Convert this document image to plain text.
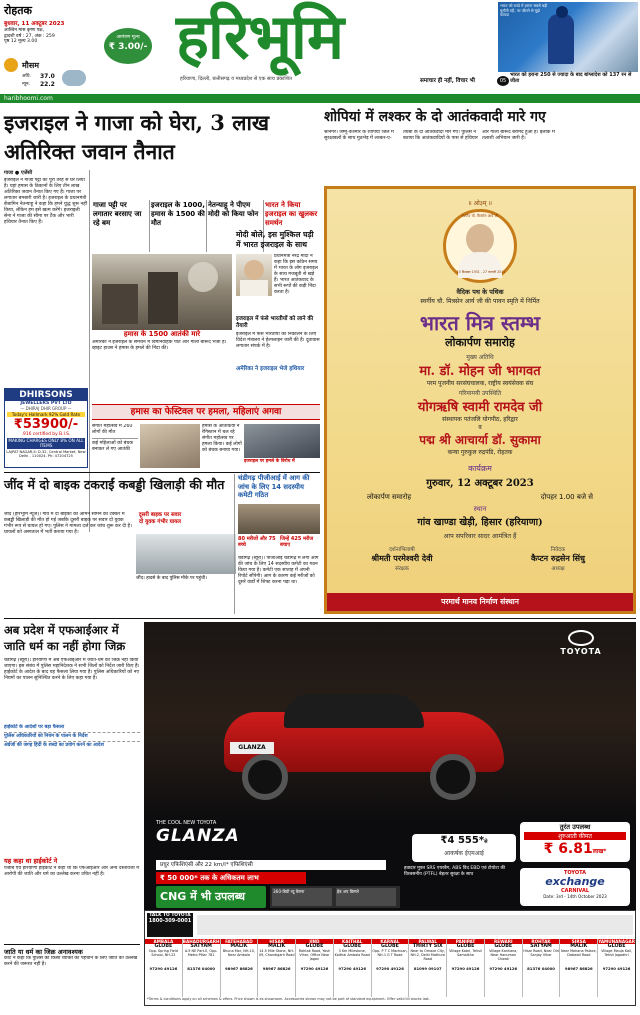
रोहतक
बुधवार, 11 अक्टूबर 2023
आश्विन मास कृष्ण पक्ष,
द्वादशी वर्ष : 27, अंक : 259
पृष्ठ 12 मूल्य 3.00
आमंत्रण मूल्य
₹ 3.00/-
मौसम
अधि. 37.0
न्यून. 22.2
हरिभूमि
हरियाणा, दिल्ली, छत्तीसगढ़ व मध्यप्रदेश से एक साथ प्रकाशित	समाचार ही नहीं, विचार भी
भारत को वनडे में हराना सबसे बड़ी चुनौती रही, पर जीतने से मुझे फायदा
भारत को हराना 250 से ज्यादा के बाद बांग्लादेश को 137 रन से जीता
05
haribhoomi.com
इजराइल ने गाजा को घेरा, 3 लाख अतिरिक्त जवान तैनात
गाजा ● एजेंसी
इजराइल ने गाजा पट्टी को पूरी तरह से घेर लिया है। यहां हमास के ठिकानों के लिए तीन लाख अतिरिक्त जवान तैनात किए गए हैं। गाजा पर लगातार बमबारी जारी है। इजराइल के प्रधानमंत्री बेंजामिन नेतन्याहू ने कहा कि हमने युद्ध शुरू नहीं किया, लेकिन हम इसे खत्म करेंगे। इजराइली सेना ने गाजा की सीमा पर टैंक और भारी हथियार तैनात किए हैं।
गाजा पट्टी पर लगातार बरसाए जा रहे बम
इजराइल के 1000, हमास के 1500 की मौत
नेतन्याहू ने पीएम मोदी को किया फोन
भारत ने किया इजराइल का खुलकर समर्थन
हमास के 1500 आतंकी मारे
अमेरिका ने इजराइल के समर्थन में विमानवाहक पोत और गोला बारूद भेजा है। व्हाइट हाउस ने हमास के हमले की निंदा की।
मोदी बोले, इस मुश्किल घड़ी में भारत इजराइल के साथ
प्रधानमंत्री नरेंद्र मोदी ने कहा कि इस कठिन समय में भारत के लोग इजराइल के साथ मजबूती से खड़े हैं। भारत आतंकवाद के सभी रूपों की कड़ी निंदा करता है।
इजराइल में फंसे भारतीयों को लाने की तैयारी
इजराइल में फंसे भारतीयों को निकालने के लिए विदेश मंत्रालय ने हेल्पलाइन जारी की है। दूतावास लगातार संपर्क में है।
अमेरिका ने इजराइल भेजे हथियार
DHIRSONS
JEWELLERS PVT LTD
— DHIRAJ DHIR GROUP —
Today's Hallmark 92% Gold Rate
₹53900/-
.916 certified by B.I.S.
MAKING CHARGES ONLY 8% ON ALL ITEMS
LAJPAT NAGAR-II: D-32, Central Market, New Delhi - 110024. Ph: 47204725
हमास का फेस्टिवल पर हमला, महिलाएं अगवा
संगीत महोत्सव में 260 लोगों की मौत
कई महिलाओं को बंधक बनाकर ले गए आतंकी
हमास के आतंकियों ने रेगिस्तान में चल रहे संगीत महोत्सव पर हमला किया। कई लोगों को बंधक बनाया गया।
इजराइल पर हमले के विरोध में
जींद में दो बाइक टकराईं कबड्डी खिलाड़ी की मौत
दूसरी बाइक पर सवार दो युवक गंभीर घायल
जींद (हरिभूमि न्यूज)। गांव में दो बाइकों की आमने सामने की टक्कर में कबड्डी खिलाड़ी की मौत हो गई जबकि दूसरी बाइक पर सवार दो युवक गंभीर रूप से घायल हो गए। पुलिस ने मामला दर्ज कर जांच शुरू कर दी है। घायलों को अस्पताल में भर्ती कराया गया है।
जींद। हादसे के बाद पुलिस मौके पर पहुंची।
चंडीगढ़ पीजीआई में आग की जांच के लिए 14 सदस्यीय कमेटी गठित
80 मरीजों और 75 बच्चे
जिन्हें 425 मरीज बचाए
चंडीगढ़ (ब्यूरो)। पीजीआई चंडीगढ़ में लगी आग की जांच के लिए 14 सदस्यीय कमेटी का गठन किया गया है। कमेटी एक सप्ताह में अपनी रिपोर्ट सौंपेगी। आग के कारण कई मरीजों को दूसरे वार्डों में शिफ्ट करना पड़ा था।
शोपियां में लश्कर के दो आतंकवादी मारे गए
श्रीनगर। जम्मू-कश्मीर के शोपियां जिले में सुरक्षाबलों के साथ मुठभेड़ में लश्कर-ए-तैयबा के दो आतंकवादी मारे गए। पुलिस ने बताया कि आतंकवादियों के पास से हथियार और गोला बारूद बरामद हुआ है। इलाके में तलाशी अभियान जारी है।
॥ ओ३म् ॥
स्वर्गीय चौ. मित्रसेन आर्य जी
15 दिसम्बर 1931 - 27 जनवरी 2011
वैदिक पथ के पथिक
स्वर्गीय चौ. मित्रसेन आर्य जी की पावन स्मृति में निर्मित
भारत मित्र स्तम्भ
लोकार्पण समारोह
मुख्य अतिथि
मा. डॉ. मोहन जी भागवत
परम पूजनीय सरसंघचालक, राष्ट्रीय स्वयंसेवक संघ
गरिमामयी उपस्थिति
योगऋषि स्वामी रामदेव जी
संस्थापक पतंजलि योगपीठ, हरिद्वार
व
पद्म श्री आचार्या डॉ. सुकामा
कन्या गुरुकुल रुद्रपंडि, रोहतक
कार्यक्रम
गुरुवार, 12 अक्टूबर 2023
लोकार्पण समारोह	दोपहर 1.00 बजे से
स्थान
गांव खाण्डा खेड़ी, हिसार (हरियाणा)
आप सपरिवार सादर आमंत्रित हैं
दर्शनाभिलाषी
श्रीमती परमेश्वरी देवी
संरक्षक
निवेदक
कैप्टन रुद्रसेन सिंधु
अध्यक्ष
परमार्थ मानव निर्माण संस्थान
अब प्रदेश में एफआईआर में जाति धर्म का नहीं होगा जिक्र
चंडीगढ़ (ब्यूरो)। हरियाणा में अब एफआईआर में जाति-धर्म का जिक्र नहीं किया जाएगा। इस संबंध में पुलिस महानिदेशक ने सभी जिलों को निर्देश जारी किए हैं। हाईकोर्ट के आदेश के बाद यह फैसला लिया गया है। पुलिस अधिकारियों को नए नियमों का पालन सुनिश्चित करने के लिए कहा गया है।
हाईकोर्ट के आदेशों पर बड़ा फैसला
पुलिस अधिकारियों को नियम के पालन के निर्देश
अंग्रेजी की जगह हिंदी के शब्दों का प्रयोग करने का आदेश
यह कहा था हाईकोर्ट ने
पंजाब एवं हरियाणा हाईकोर्ट ने कहा था कि एफआईआर और अन्य दस्तावेजों में आरोपी की जाति और धर्म का उल्लेख करना उचित नहीं है।
जाति या धर्म का जिक्र अनावश्यक
कोर्ट ने कहा कि पुलिस को किसी व्यक्ति की पहचान के लिए जाति का उल्लेख करने की जरूरत नहीं है।
TOYOTA
GLANZA
THE COOL NEW TOYOTA
GLANZA	तुरंत उपलब्ध
शुरुआती कीमत
₹ 6.81लाख*
₹4 555*से
आकर्षक ईएमआई
प्रचुर एफिशिएंसी और 22 km/l* एफिशिएंसी
₹ 50 000* तक के अधिकतम लाभ
CNG में भी उपलब्ध	360-डिग्री व्यू कैमरा	हेड अप डिस्प्ले
हवादार मुफ़्त SRS एयरबैग, ABS विद EBD एवं टोयोटा की विश्वसनीय (PTFL) बेहतर सुरक्षा के साथ	TOYOTA
exchange
CARNIVAL
Date: 3rd - 14th October 2023
TALK TO TOYOTA
1800-309-0001
AMBALA
GLOBE
Opp. Spring Field School, NH-22
97290 49126
BAHADURGARH
SATYAM
A-9 NE Part-II, Opp. Metro Pillar 781
81376 04000
FATEHABAD
MALIK
Bhuna Mor, NH-10, Near Ambala
98967 86826
HISAR
MALIK
14.5 Mile Stone, NH-09, Chandigarh Road
98967 86826
JIND
GLOBE
Rohtak Road, Yash Vihar, Office Near Jagan
97290 49126
KAITHAL
GLOBE
3 Km Milestone, Kaithal Ambala Road
97290 49126
KARNAL
GLOBE
Opp. P T C Machuan, NH-1 G T Road
97290 49126
PALWAL
THIRTY SIX
Near to Omaxe City, NH-2, Delhi Mathura Road
81099 09107
PANIPAT
GLOBE
Village Kabri, Tehsil Samalkha
97290 49126
REWARI
GLOBE
Village Kanhana, Near Hanuman Chowk
97290 49126
ROHTAK
SATYAM
Hisar Road, Near Old Sanjay Vihar
81376 04000
SIRSA
MALIK
Near Mohana Palace, Dabwali Road
98967 86826
YAMUNANAGAR
GLOBE
Village Mauja Kali, Tehsil Jagadhri
97290 49126
*Terms & conditions apply on all schemes & offers. Price shown is ex-showroom. Accessories shown may not be part of standard equipment. Offer valid till stocks last.
